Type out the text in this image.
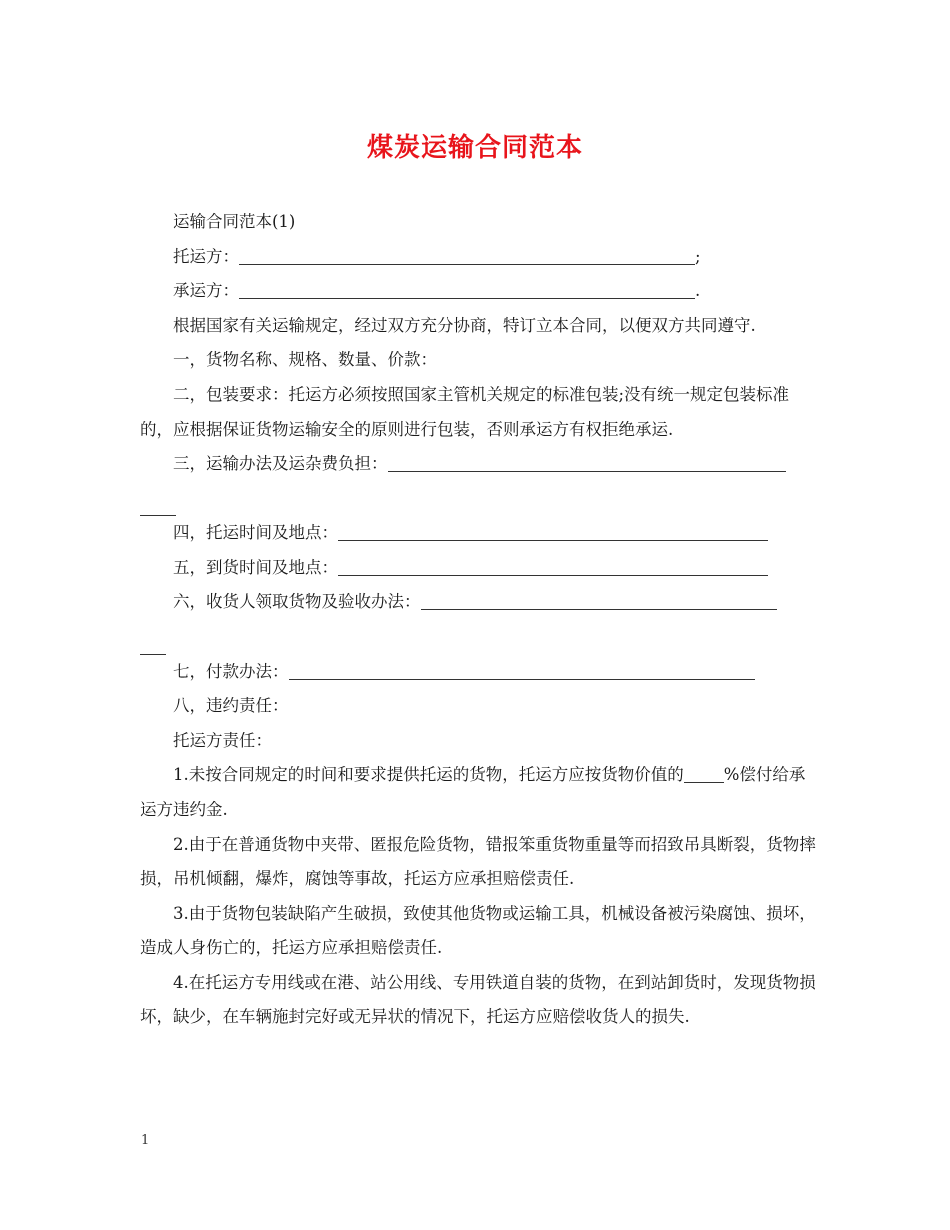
煤炭运输合同范本

运输合同范本(1)

托运方：	;

承运方：	.

根据国家有关运输规定，经过双方充分协商，特订立本合同，以便双方共同遵守.

一，货物名称、规格、数量、价款：

二，包装要求：托运方必须按照国家主管机关规定的标准包装;没有统一规定包装标准的，应根据保证货物运输安全的原则进行包装，否则承运方有权拒绝承运.

三，运输办法及运杂费负担：

四，托运时间及地点：

五，到货时间及地点：

六，收货人领取货物及验收办法：

七，付款办法：

八，违约责任：

托运方责任：

1.未按合同规定的时间和要求提供托运的货物，托运方应按货物价值的 %偿付给承运方违约金.

2.由于在普通货物中夹带、匿报危险货物，错报笨重货物重量等而招致吊具断裂，货物摔损，吊机倾翻，爆炸，腐蚀等事故，托运方应承担赔偿责任.

3.由于货物包装缺陷产生破损，致使其他货物或运输工具，机械设备被污染腐蚀、损坏，造成人身伤亡的，托运方应承担赔偿责任.

4.在托运方专用线或在港、站公用线、专用铁道自装的货物，在到站卸货时，发现货物损坏，缺少，在车辆施封完好或无异状的情况下，托运方应赔偿收货人的损失.

1
